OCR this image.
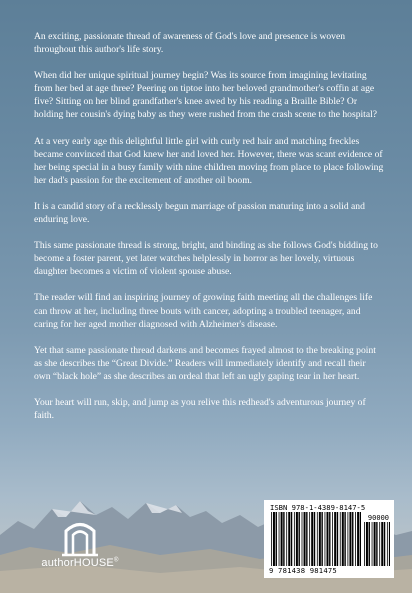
An exciting, passionate thread of awareness of God's love and presence is woven throughout this author's life story.

When did her unique spiritual journey begin? Was its source from imagining levitating from her bed at age three? Peering on tiptoe into her beloved grandmother's coffin at age five? Sitting on her blind grandfather's knee awed by his reading a Braille Bible? Or holding her cousin's dying baby as they were rushed from the crash scene to the hospital?

At a very early age this delightful little girl with curly red hair and matching freckles became convinced that God knew her and loved her. However, there was scant evidence of her being special in a busy family with nine children moving from place to place following her dad's passion for the excitement of another oil boom.

It is a candid story of a recklessly begun marriage of passion maturing into a solid and enduring love.

This same passionate thread is strong, bright, and binding as she follows God's bidding to become a foster parent, yet later watches helplessly in horror as her lovely, virtuous daughter becomes a victim of violent spouse abuse.

The reader will find an inspiring journey of growing faith meeting all the challenges life can throw at her, including three bouts with cancer, adopting a troubled teenager, and caring for her aged mother diagnosed with Alzheimer's disease.

Yet that same passionate thread darkens and becomes frayed almost to the breaking point as she describes the “Great Divide.” Readers will immediately identify and recall their own “black hole” as she describes an ordeal that left an ugly gaping tear in her heart.

Your heart will run, skip, and jump as you relive this redhead's adventurous journey of faith.

authorHOUSE®
ISBN 978-1-4389-8147-5
90000
9 781438 981475
